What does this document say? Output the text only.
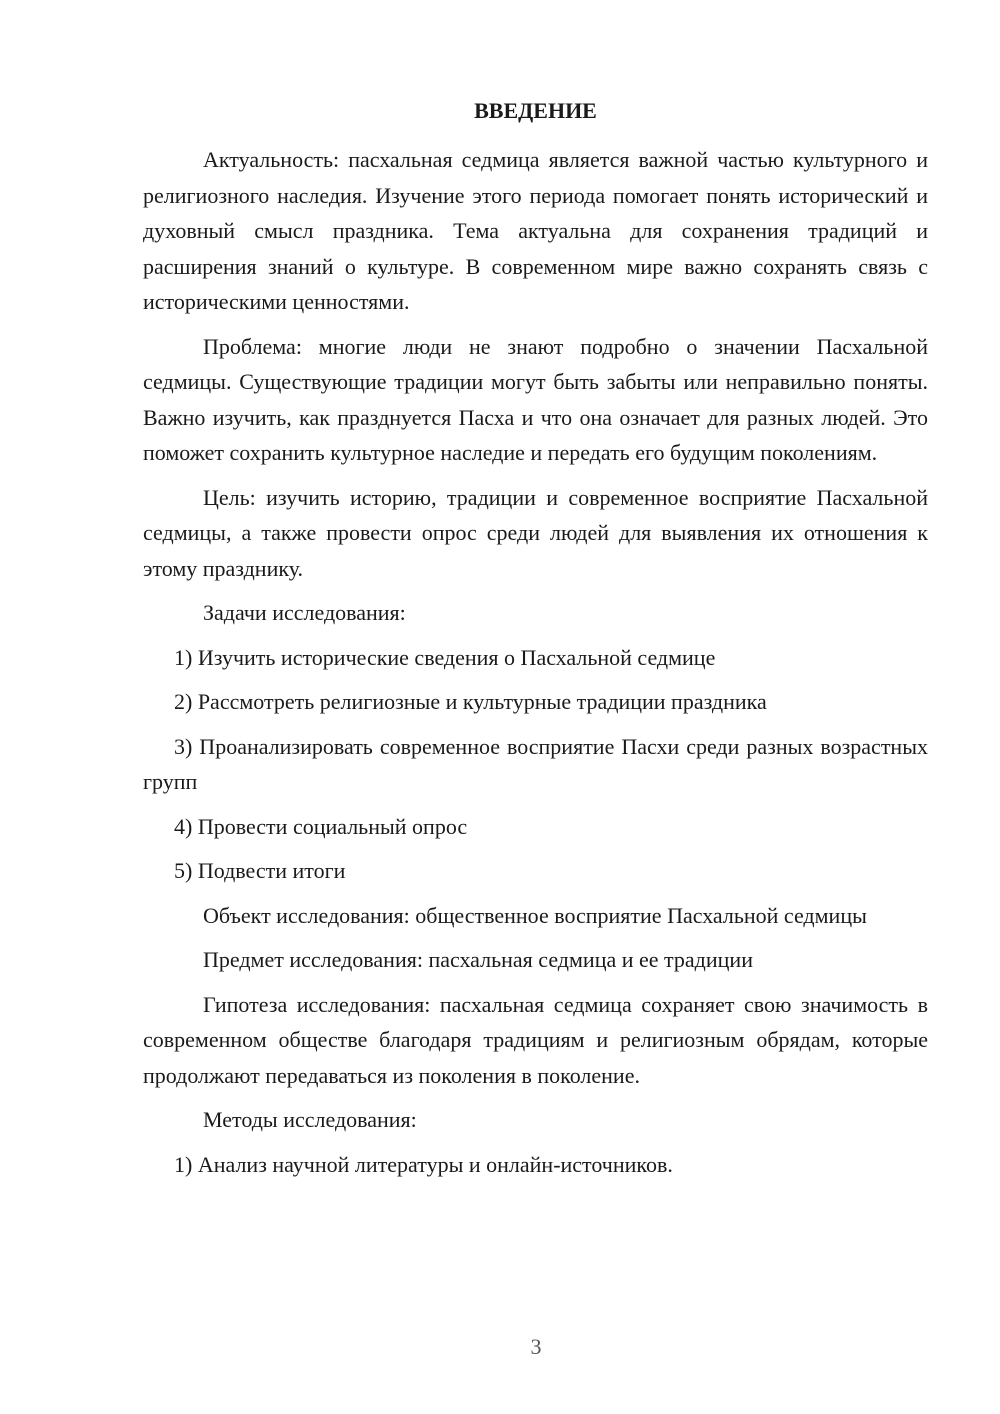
ВВЕДЕНИЕ

Актуальность: пасхальная седмица является важной частью культурного и религиозного наследия. Изучение этого периода помогает понять исторический и духовный смысл праздника. Тема актуальна для сохранения традиций и расширения знаний о культуре. В современном мире важно сохранять связь с историческими ценностями.

Проблема: многие люди не знают подробно о значении Пасхальной седмицы. Существующие традиции могут быть забыты или неправильно поняты. Важно изучить, как празднуется Пасха и что она означает для разных людей. Это поможет сохранить культурное наследие и передать его будущим поколениям.

Цель: изучить историю, традиции и современное восприятие Пасхальной седмицы, а также провести опрос среди людей для выявления их отношения к этому празднику.

Задачи исследования:

1) Изучить исторические сведения о Пасхальной седмице

2) Рассмотреть религиозные и культурные традиции праздника

3) Проанализировать современное восприятие Пасхи среди разных возрастных групп

4) Провести социальный опрос

5) Подвести итоги

Объект исследования: общественное восприятие Пасхальной седмицы

Предмет исследования: пасхальная седмица и ее традиции

Гипотеза исследования: пасхальная седмица сохраняет свою значимость в современном обществе благодаря традициям и религиозным обрядам, которые продолжают передаваться из поколения в поколение.

Методы исследования:

1) Анализ научной литературы и онлайн-источников.

3
